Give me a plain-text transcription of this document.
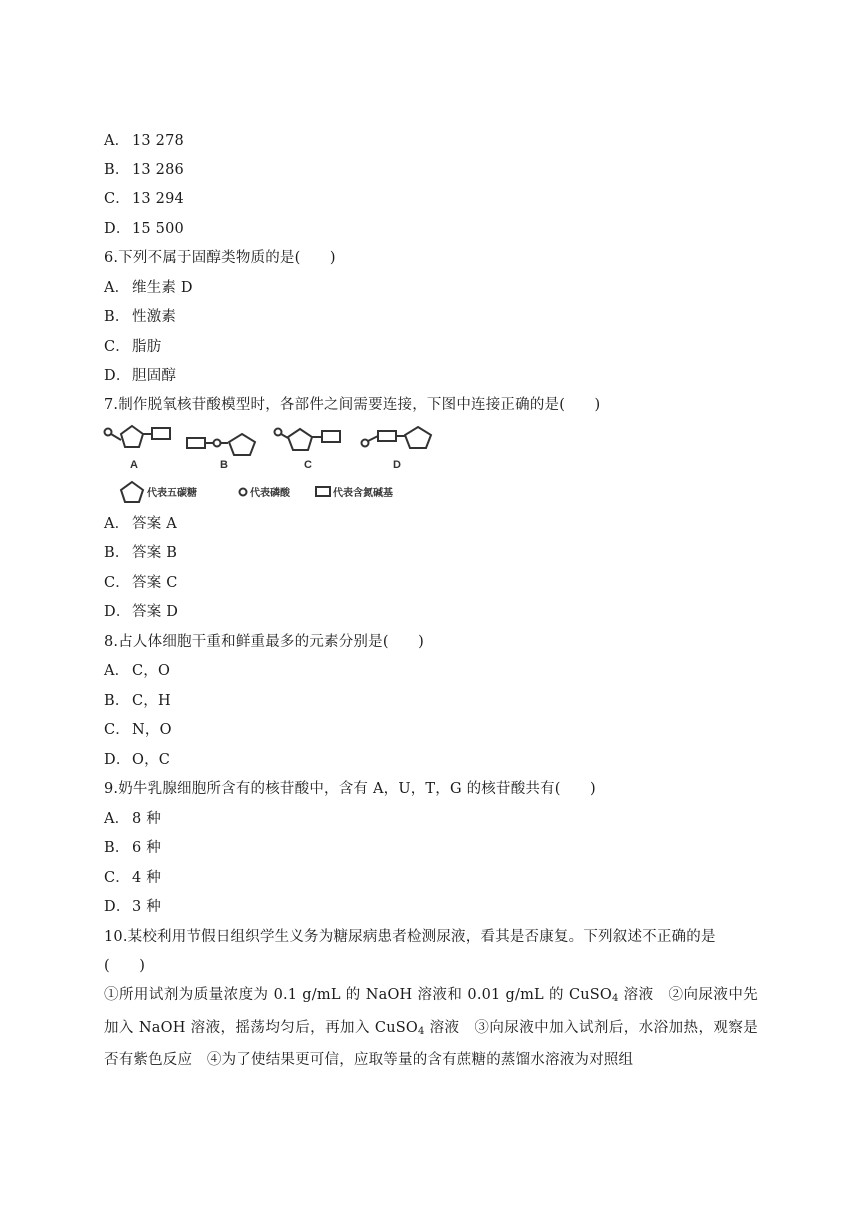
A． 13 278
B． 13 286
C． 13 294
D．15 500
6.下列不属于固醇类物质的是(　　)
A． 维生素 D
B． 性激素
C． 脂肪
D．胆固醇
7.制作脱氧核苷酸模型时，各部件之间需要连接，下图中连接正确的是(　　)
A	B	C	D
代表五碳糖	代表磷酸	代表含氮碱基
A． 答案 A
B． 答案 B
C． 答案 C
D．答案 D
8.占人体细胞干重和鲜重最多的元素分别是(　　)
A． C，O
B． C，H
C． N，O
D．O，C
9.奶牛乳腺细胞所含有的核苷酸中，含有 A，U，T，G 的核苷酸共有(　　)
A． 8 种
B． 6 种
C． 4 种
D．3 种
10.某校利用节假日组织学生义务为糖尿病患者检测尿液，看其是否康复。下列叙述不正确的是
(　　)
①所用试剂为质量浓度为 0.1 g/mL 的 NaOH 溶液和 0.01 g/mL 的 CuSO$_4$ 溶液　②向尿液中先加入 NaOH 溶液，摇荡均匀后，再加入 CuSO$_4$ 溶液　③向尿液中加入试剂后，水浴加热，观察是否有紫色反应　④为了使结果更可信，应取等量的含有蔗糖的蒸馏水溶液为对照组
